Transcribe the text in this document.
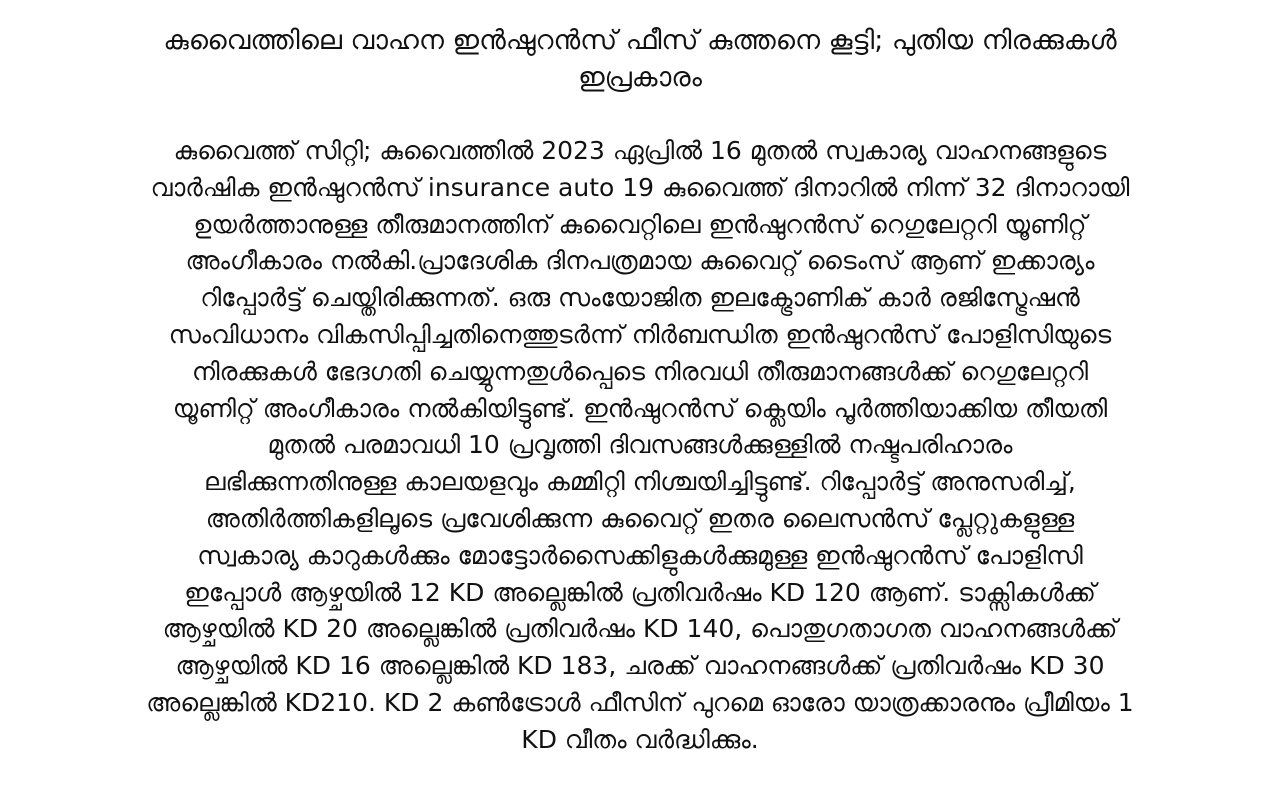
കുവൈത്തിലെ വാഹന ഇൻഷുറൻസ് ഫീസ് കുത്തനെ കൂട്ടി; പുതിയ നിരക്കുകൾ
ഇപ്രകാരം

കുവൈത്ത് സിറ്റി; കുവൈത്തിൽ 2023 ഏപ്രിൽ 16 മുതൽ സ്വകാര്യ വാഹനങ്ങളുടെ
വാർഷിക ഇൻഷുറൻസ് insurance auto 19 കുവൈത്ത് ദിനാറിൽ നിന്ന് 32 ദിനാറായി
ഉയർത്താനുള്ള തീരുമാനത്തിന് കുവൈറ്റിലെ ഇൻഷുറൻസ് റെഗുലേറ്ററി യൂണിറ്റ്
അംഗീകാരം നൽകി.പ്രാദേശിക ദിനപത്രമായ കുവൈറ്റ് ടൈംസ് ആണ് ഇക്കാര്യം
റിപ്പോർട്ട് ചെയ്തിരിക്കുന്നത്. ഒരു സംയോജിത ഇലക്ട്രോണിക് കാർ രജിസ്ട്രേഷൻ
സംവിധാനം വികസിപ്പിച്ചതിനെത്തുടർന്ന് നിർബന്ധിത ഇൻഷുറൻസ് പോളിസിയുടെ
നിരക്കുകൾ ഭേദഗതി ചെയ്യുന്നതുൾപ്പെടെ നിരവധി തീരുമാനങ്ങൾക്ക് റെഗുലേറ്ററി
യൂണിറ്റ് അംഗീകാരം നൽകിയിട്ടുണ്ട്. ഇൻഷുറൻസ് ക്ലെയിം പൂർത്തിയാക്കിയ തീയതി
മുതൽ പരമാവധി 10 പ്രവൃത്തി ദിവസങ്ങൾക്കുള്ളിൽ നഷ്ടപരിഹാരം
ലഭിക്കുന്നതിനുള്ള കാലയളവും കമ്മിറ്റി നിശ്ചയിച്ചിട്ടുണ്ട്. റിപ്പോർട്ട് അനുസരിച്ച്,
അതിർത്തികളിലൂടെ പ്രവേശിക്കുന്ന കുവൈറ്റ് ഇതര ലൈസൻസ് പ്ലേറ്റുകളുള്ള
സ്വകാര്യ കാറുകൾക്കും മോട്ടോർസൈക്കിളുകൾക്കുമുള്ള ഇൻഷുറൻസ് പോളിസി
ഇപ്പോൾ ആഴ്ചയിൽ 12 KD അല്ലെങ്കിൽ പ്രതിവർഷം KD 120 ആണ്. ടാക്സികൾക്ക്
ആഴ്ചയിൽ KD 20 അല്ലെങ്കിൽ പ്രതിവർഷം KD 140, പൊതുഗതാഗത വാഹനങ്ങൾക്ക്
ആഴ്ചയിൽ KD 16 അല്ലെങ്കിൽ KD 183, ചരക്ക് വാഹനങ്ങൾക്ക് പ്രതിവർഷം KD 30
അല്ലെങ്കിൽ KD210. KD 2 കൺട്രോൾ ഫീസിന് പുറമെ ഓരോ യാത്രക്കാരനും പ്രീമിയം 1
KD വീതം വർദ്ധിക്കും.
